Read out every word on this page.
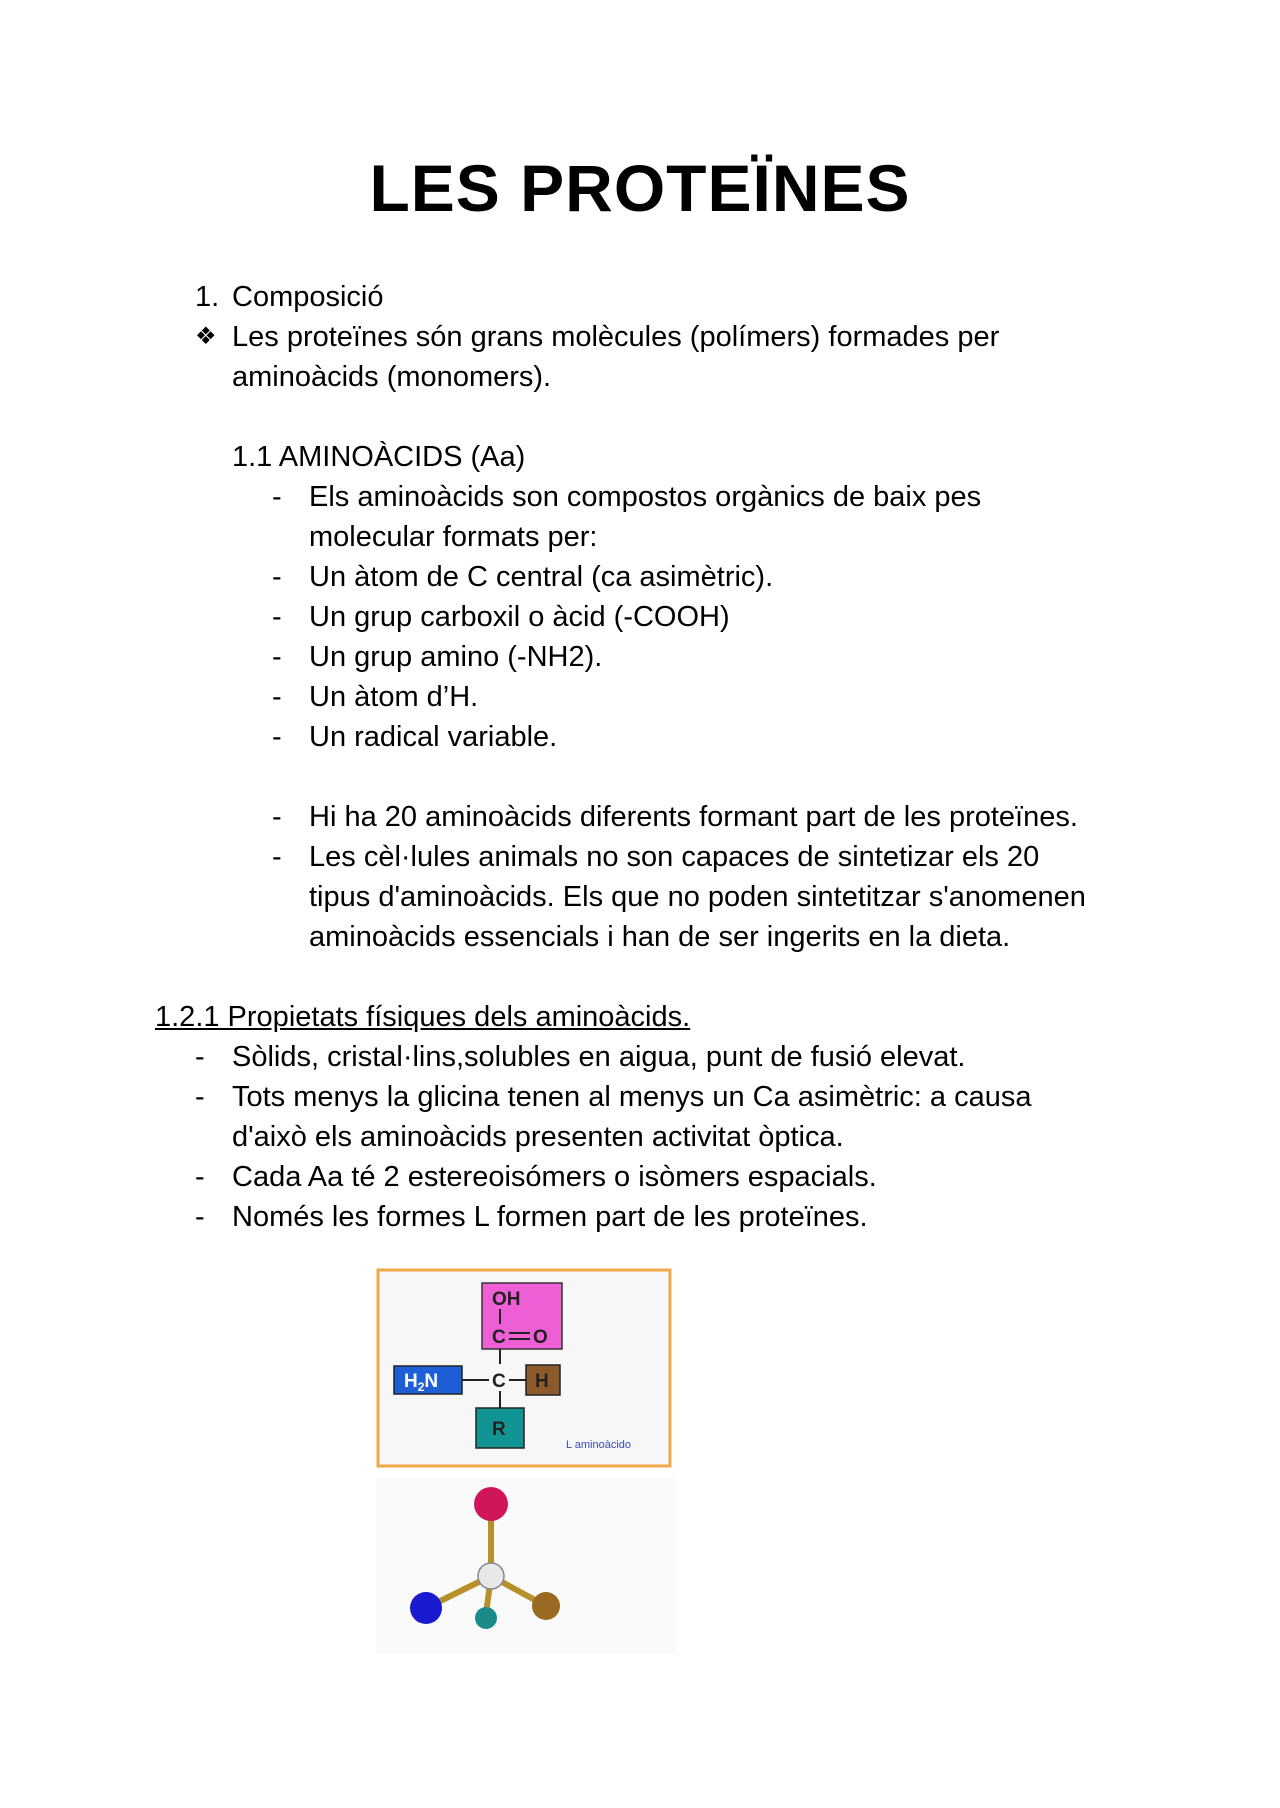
LES PROTEÏNES
1. Composició
❖ Les proteïnes són grans molècules (polímers) formades per
aminoàcids (monomers).
1.1 AMINOÀCIDS (Aa)
- Els aminoàcids son compostos orgànics de baix pes
molecular formats per:
- Un àtom de C central (ca asimètric).
- Un grup carboxil o àcid (-COOH)
- Un grup amino (-NH2).
- Un àtom d’H.
- Un radical variable.
- Hi ha 20 aminoàcids diferents formant part de les proteïnes.
- Les cèl·lules animals no son capaces de sintetizar els 20
tipus d'aminoàcids. Els que no poden sintetitzar s'anomenen
aminoàcids essencials i han de ser ingerits en la dieta.
1.2.1 Propietats físiques dels aminoàcids.
- Sòlids, cristal·lins,solubles en aigua, punt de fusió elevat.
- Tots menys la glicina tenen al menys un Ca asimètric: a causa
d'això els aminoàcids presenten activitat òptica.
- Cada Aa té 2 estereoisómers o isòmers espacials.
- Només les formes L formen part de les proteïnes.
OH
C O
$H_2N$	C H
R
L aminoàcido
